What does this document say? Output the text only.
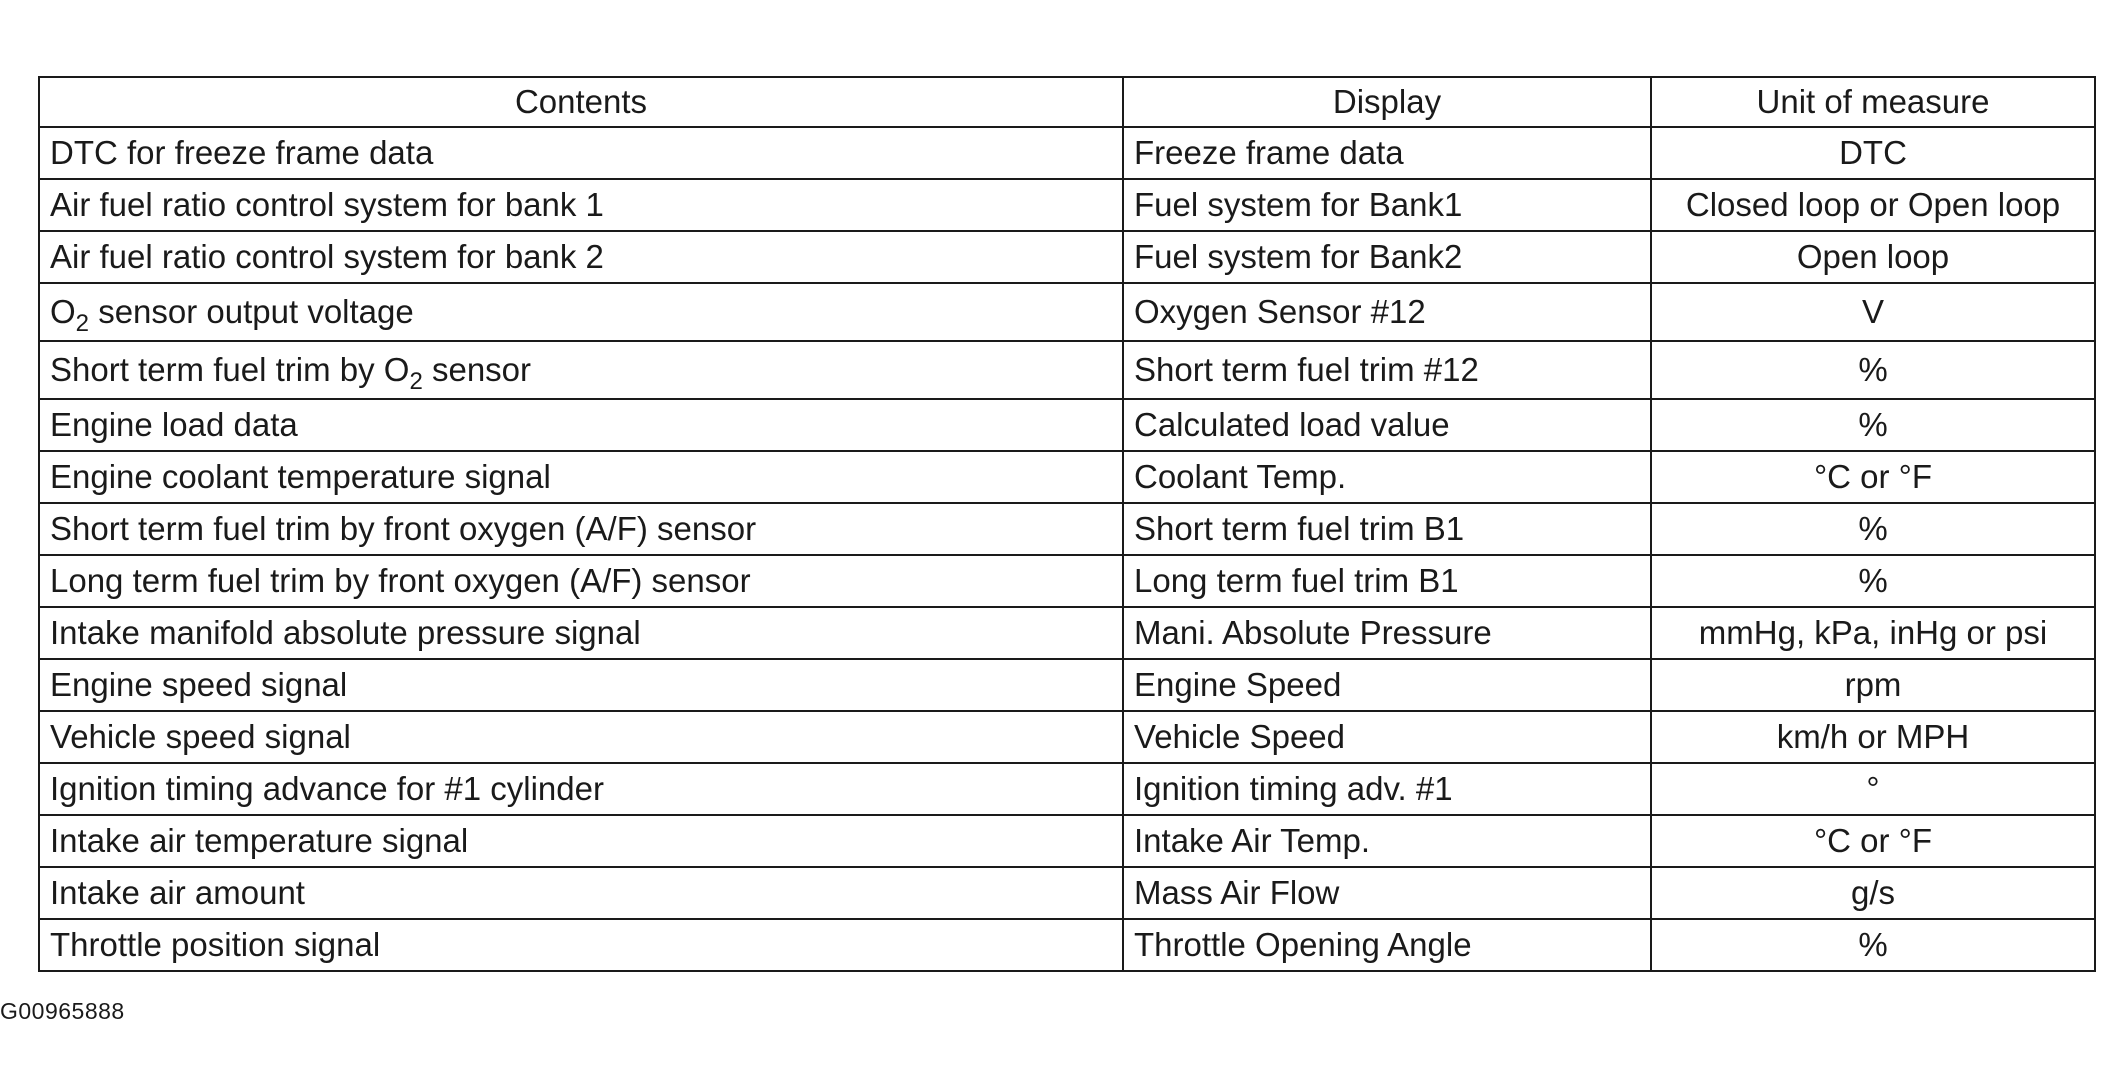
Contents	Display	Unit of measure
DTC for freeze frame data	Freeze frame data	DTC
Air fuel ratio control system for bank 1	Fuel system for Bank1	Closed loop or Open loop
Air fuel ratio control system for bank 2	Fuel system for Bank2	Open loop
$O_2$ sensor output voltage	Oxygen Sensor #12	V
Short term fuel trim by $O_2$ sensor	Short term fuel trim #12	%
Engine load data	Calculated load value	%
Engine coolant temperature signal	Coolant Temp.	°C or °F
Short term fuel trim by front oxygen (A/F) sensor	Short term fuel trim B1	%
Long term fuel trim by front oxygen (A/F) sensor	Long term fuel trim B1	%
Intake manifold absolute pressure signal	Mani. Absolute Pressure	mmHg, kPa, inHg or psi
Engine speed signal	Engine Speed	rpm
Vehicle speed signal	Vehicle Speed	km/h or MPH
Ignition timing advance for #1 cylinder	Ignition timing adv. #1	°
Intake air temperature signal	Intake Air Temp.	°C or °F
Intake air amount	Mass Air Flow	g/s
Throttle position signal	Throttle Opening Angle	%
G00965888
